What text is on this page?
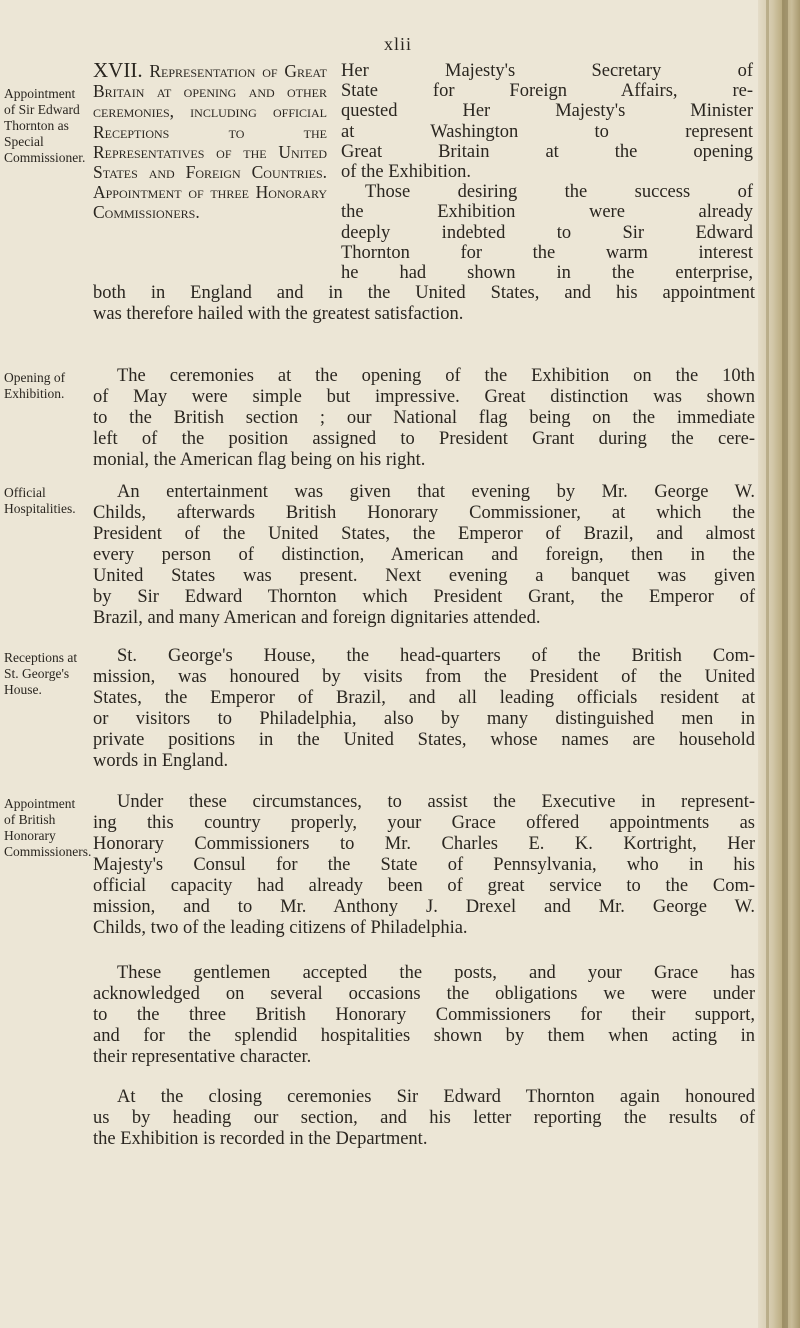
xlii
Appointment of Sir Edward Thornton as Special Commissioner.
Opening of Exhibition.
Official Hospitalities.
Receptions at St. George's House.
Appointment of British Honorary Commissioners.
XVII. Representation of Great Britain at opening and other ceremonies, including official Receptions to the Representatives of the United States and Foreign Countries. Appointment of three Honorary Commissioners.
Her Majesty's Secretary of
State for Foreign Affairs, re-
quested Her Majesty's Minister
at Washington to represent
Great Britain at the opening
of the Exhibition.
Those desiring the success of
the Exhibition were already
deeply indebted to Sir Edward
Thornton for the warm interest
he had shown in the enterprise,
both in England and in the United States, and his appointment
was therefore hailed with the greatest satisfaction.
The ceremonies at the opening of the Exhibition on the 10th
of May were simple but impressive. Great distinction was shown
to the British section ; our National flag being on the immediate
left of the position assigned to President Grant during the cere-
monial, the American flag being on his right.
An entertainment was given that evening by Mr. George W.
Childs, afterwards British Honorary Commissioner, at which the
President of the United States, the Emperor of Brazil, and almost
every person of distinction, American and foreign, then in the
United States was present. Next evening a banquet was given
by Sir Edward Thornton which President Grant, the Emperor of
Brazil, and many American and foreign dignitaries attended.
St. George's House, the head-quarters of the British Com-
mission, was honoured by visits from the President of the United
States, the Emperor of Brazil, and all leading officials resident at
or visitors to Philadelphia, also by many distinguished men in
private positions in the United States, whose names are household
words in England.
Under these circumstances, to assist the Executive in represent-
ing this country properly, your Grace offered appointments as
Honorary Commissioners to Mr. Charles E. K. Kortright, Her
Majesty's Consul for the State of Pennsylvania, who in his
official capacity had already been of great service to the Com-
mission, and to Mr. Anthony J. Drexel and Mr. George W.
Childs, two of the leading citizens of Philadelphia.
These gentlemen accepted the posts, and your Grace has
acknowledged on several occasions the obligations we were under
to the three British Honorary Commissioners for their support,
and for the splendid hospitalities shown by them when acting in
their representative character.
At the closing ceremonies Sir Edward Thornton again honoured
us by heading our section, and his letter reporting the results of
the Exhibition is recorded in the Department.
